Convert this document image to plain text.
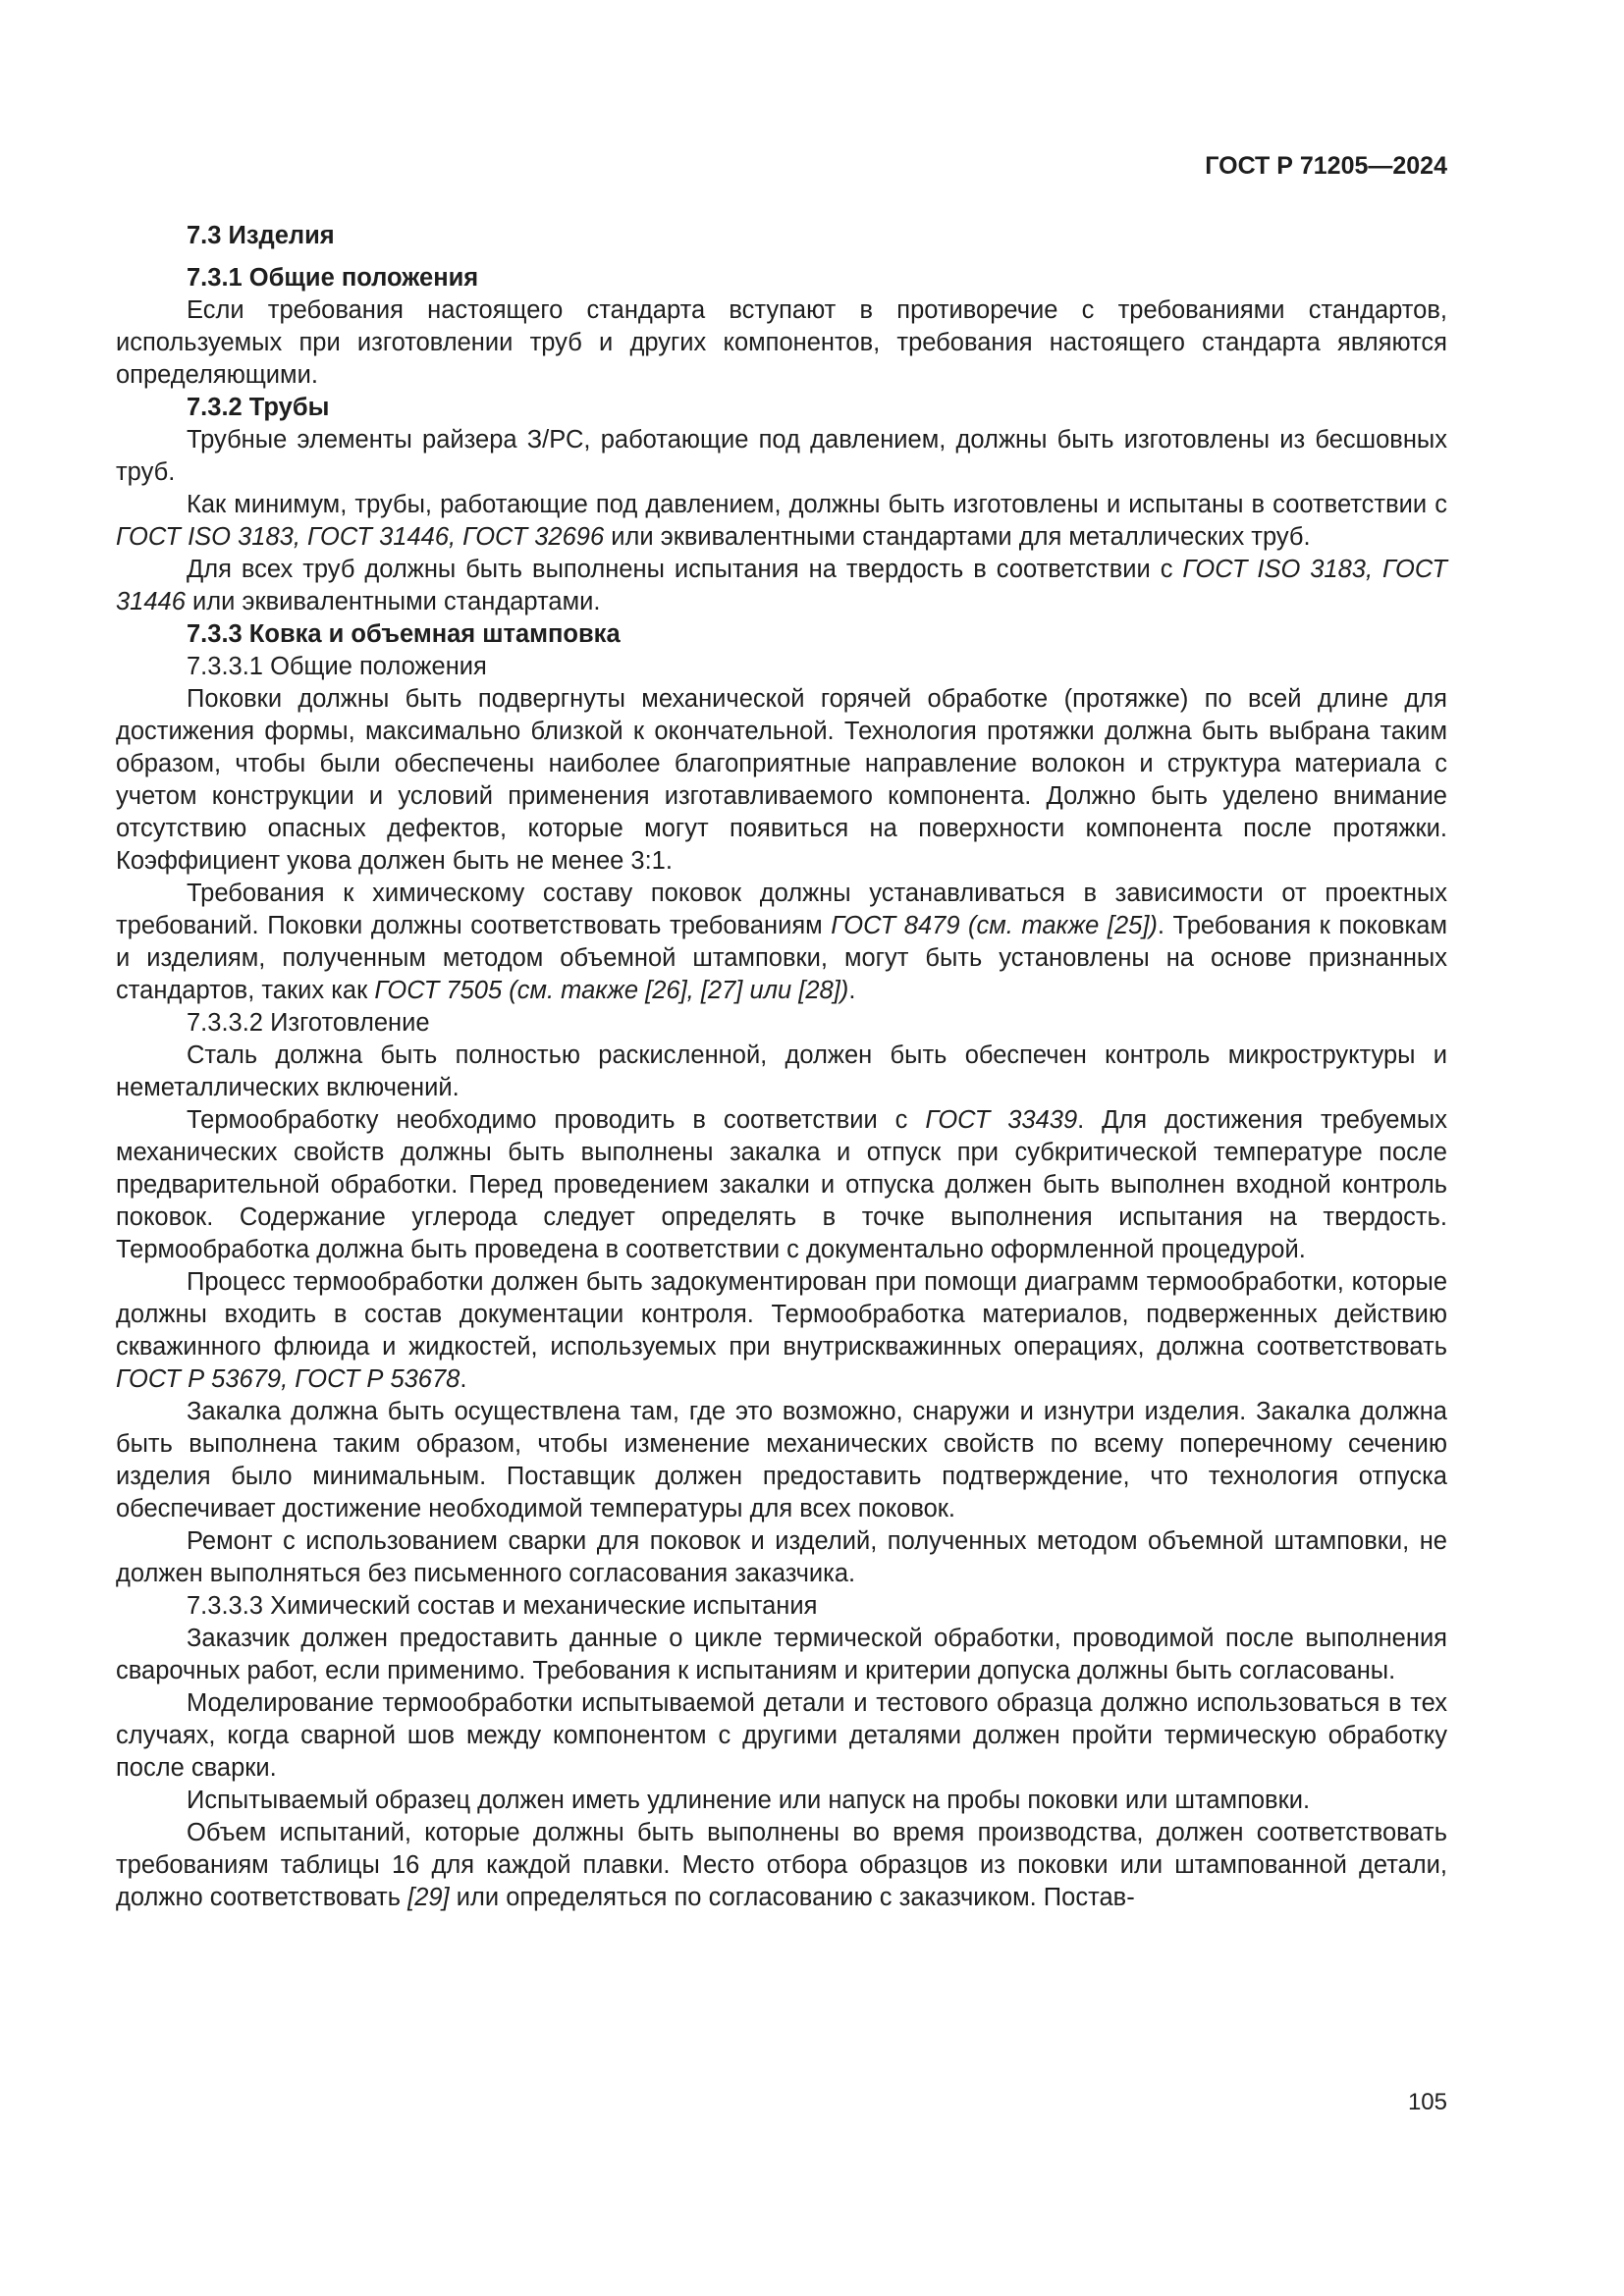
ГОСТ Р 71205—2024

7.3 Изделия

7.3.1 Общие положения

Если требования настоящего стандарта вступают в противоречие с требованиями стандартов, используемых при изготовлении труб и других компонентов, требования настоящего стандарта являются определяющими.

7.3.2 Трубы

Трубные элементы райзера З/РС, работающие под давлением, должны быть изготовлены из бесшовных труб.

Как минимум, трубы, работающие под давлением, должны быть изготовлены и испытаны в соответствии с ГОСТ ISO 3183, ГОСТ 31446, ГОСТ 32696 или эквивалентными стандартами для металлических труб.

Для всех труб должны быть выполнены испытания на твердость в соответствии с ГОСТ ISO 3183, ГОСТ 31446 или эквивалентными стандартами.

7.3.3 Ковка и объемная штамповка

7.3.3.1 Общие положения

Поковки должны быть подвергнуты механической горячей обработке (протяжке) по всей длине для достижения формы, максимально близкой к окончательной. Технология протяжки должна быть выбрана таким образом, чтобы были обеспечены наиболее благоприятные направление волокон и структура материала с учетом конструкции и условий применения изготавливаемого компонента. Должно быть уделено внимание отсутствию опасных дефектов, которые могут появиться на поверхности компонента после протяжки. Коэффициент укова должен быть не менее 3:1.

Требования к химическому составу поковок должны устанавливаться в зависимости от проектных требований. Поковки должны соответствовать требованиям ГОСТ 8479 (см. также [25]). Требования к поковкам и изделиям, полученным методом объемной штамповки, могут быть установлены на основе признанных стандартов, таких как ГОСТ 7505 (см. также [26], [27] или [28]).

7.3.3.2 Изготовление

Сталь должна быть полностью раскисленной, должен быть обеспечен контроль микроструктуры и неметаллических включений.

Термообработку необходимо проводить в соответствии с ГОСТ 33439. Для достижения требуемых механических свойств должны быть выполнены закалка и отпуск при субкритической температуре после предварительной обработки. Перед проведением закалки и отпуска должен быть выполнен входной контроль поковок. Содержание углерода следует определять в точке выполнения испытания на твердость. Термообработка должна быть проведена в соответствии с документально оформленной процедурой.

Процесс термообработки должен быть задокументирован при помощи диаграмм термообработки, которые должны входить в состав документации контроля. Термообработка материалов, подверженных действию скважинного флюида и жидкостей, используемых при внутрискважинных операциях, должна соответствовать ГОСТ Р 53679, ГОСТ Р 53678.

Закалка должна быть осуществлена там, где это возможно, снаружи и изнутри изделия. Закалка должна быть выполнена таким образом, чтобы изменение механических свойств по всему поперечному сечению изделия было минимальным. Поставщик должен предоставить подтверждение, что технология отпуска обеспечивает достижение необходимой температуры для всех поковок.

Ремонт с использованием сварки для поковок и изделий, полученных методом объемной штамповки, не должен выполняться без письменного согласования заказчика.

7.3.3.3 Химический состав и механические испытания

Заказчик должен предоставить данные о цикле термической обработки, проводимой после выполнения сварочных работ, если применимо. Требования к испытаниям и критерии допуска должны быть согласованы.

Моделирование термообработки испытываемой детали и тестового образца должно использоваться в тех случаях, когда сварной шов между компонентом с другими деталями должен пройти термическую обработку после сварки.

Испытываемый образец должен иметь удлинение или напуск на пробы поковки или штамповки.

Объем испытаний, которые должны быть выполнены во время производства, должен соответствовать требованиям таблицы 16 для каждой плавки. Место отбора образцов из поковки или штампованной детали, должно соответствовать [29] или определяться по согласованию с заказчиком. Постав-

105
